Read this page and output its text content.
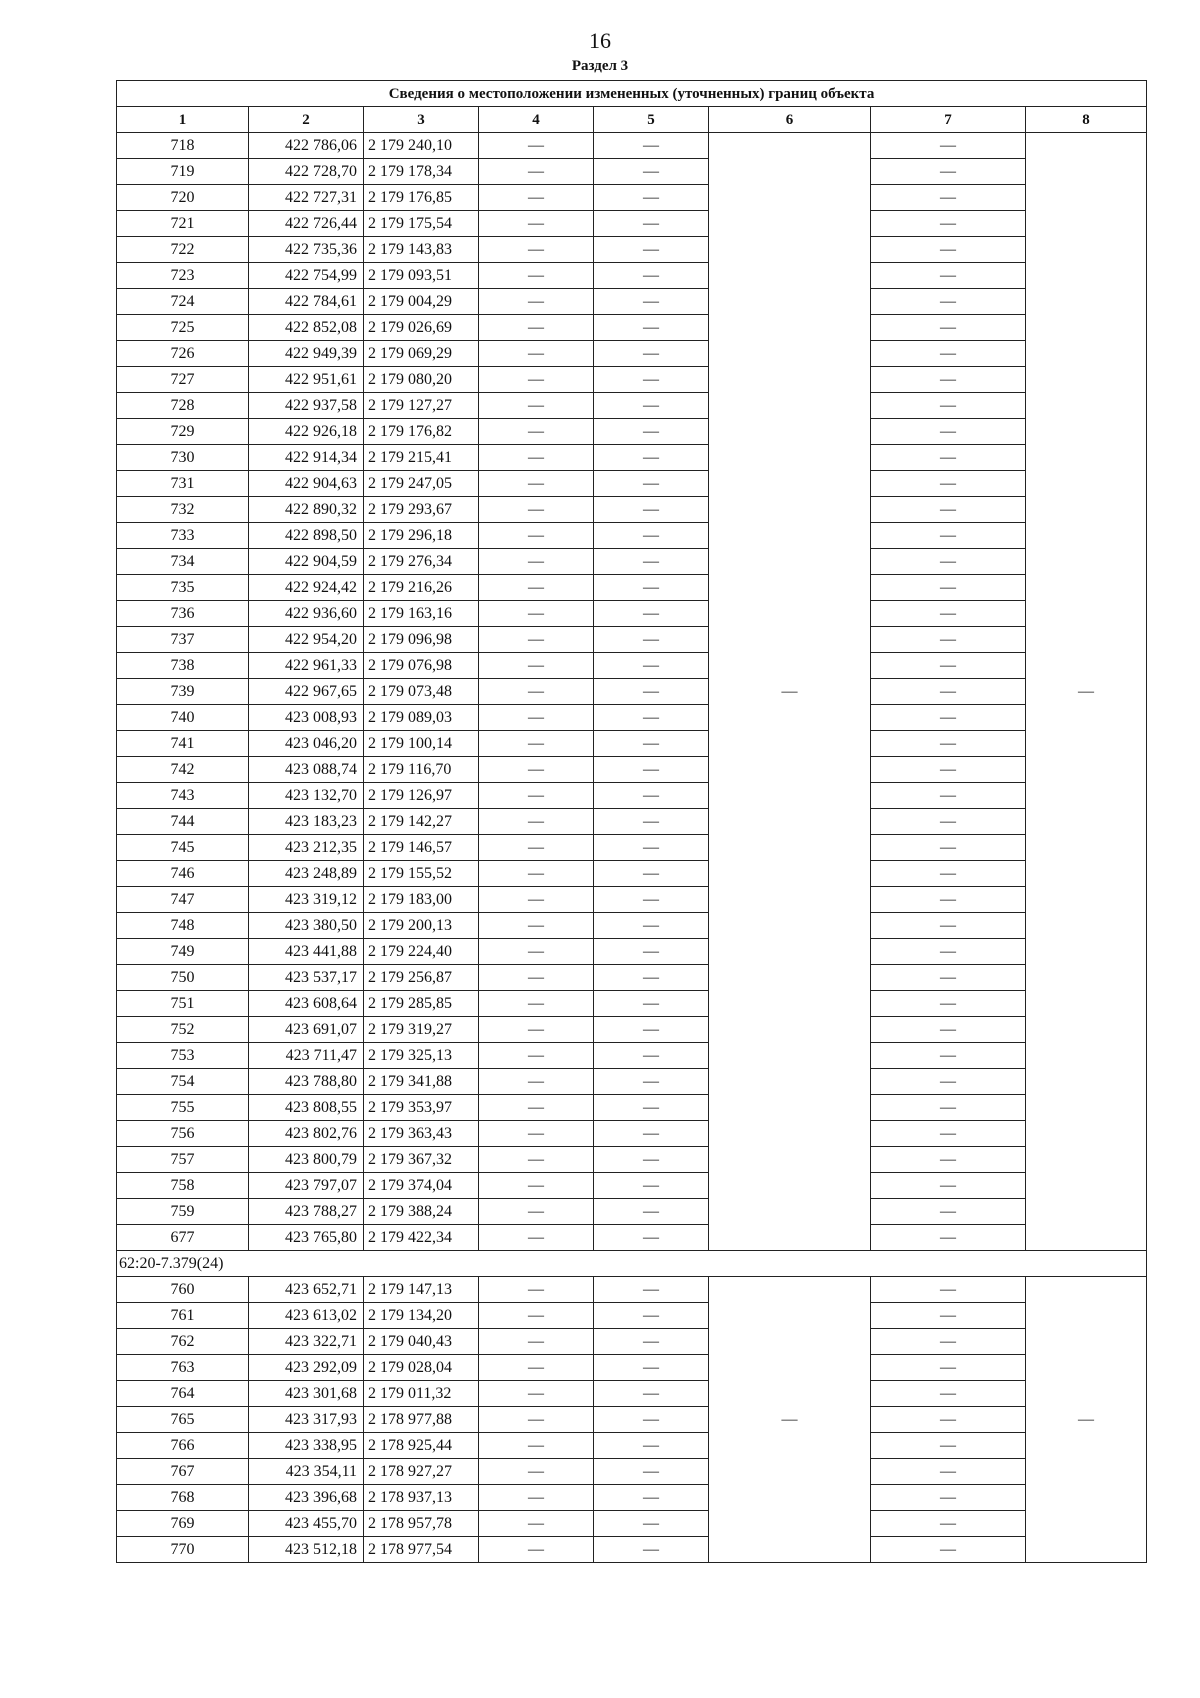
16
Раздел 3
Сведения о местоположении измененных (уточненных) границ объекта							
1	2	3	4	5	6	7	8
718	422 786,06	2 179 240,10	—	—	—	—	—
719	422 728,70	2 179 178,34	—	—		—	
720	422 727,31	2 179 176,85	—	—		—	
721	422 726,44	2 179 175,54	—	—		—	
722	422 735,36	2 179 143,83	—	—		—	
723	422 754,99	2 179 093,51	—	—		—	
724	422 784,61	2 179 004,29	—	—		—	
725	422 852,08	2 179 026,69	—	—		—	
726	422 949,39	2 179 069,29	—	—		—	
727	422 951,61	2 179 080,20	—	—		—	
728	422 937,58	2 179 127,27	—	—		—	
729	422 926,18	2 179 176,82	—	—		—	
730	422 914,34	2 179 215,41	—	—		—	
731	422 904,63	2 179 247,05	—	—		—	
732	422 890,32	2 179 293,67	—	—		—	
733	422 898,50	2 179 296,18	—	—		—	
734	422 904,59	2 179 276,34	—	—		—	
735	422 924,42	2 179 216,26	—	—		—	
736	422 936,60	2 179 163,16	—	—		—	
737	422 954,20	2 179 096,98	—	—		—	
738	422 961,33	2 179 076,98	—	—		—	
739	422 967,65	2 179 073,48	—	—		—	
740	423 008,93	2 179 089,03	—	—		—	
741	423 046,20	2 179 100,14	—	—		—	
742	423 088,74	2 179 116,70	—	—		—	
743	423 132,70	2 179 126,97	—	—		—	
744	423 183,23	2 179 142,27	—	—		—	
745	423 212,35	2 179 146,57	—	—		—	
746	423 248,89	2 179 155,52	—	—		—	
747	423 319,12	2 179 183,00	—	—		—	
748	423 380,50	2 179 200,13	—	—		—	
749	423 441,88	2 179 224,40	—	—		—	
750	423 537,17	2 179 256,87	—	—		—	
751	423 608,64	2 179 285,85	—	—		—	
752	423 691,07	2 179 319,27	—	—		—	
753	423 711,47	2 179 325,13	—	—		—	
754	423 788,80	2 179 341,88	—	—		—	
755	423 808,55	2 179 353,97	—	—		—	
756	423 802,76	2 179 363,43	—	—		—	
757	423 800,79	2 179 367,32	—	—		—	
758	423 797,07	2 179 374,04	—	—		—	
759	423 788,27	2 179 388,24	—	—		—	
677	423 765,80	2 179 422,34	—	—		—	
62:20-7.379(24)							
760	423 652,71	2 179 147,13	—	—	—	—	—
761	423 613,02	2 179 134,20	—	—		—	
762	423 322,71	2 179 040,43	—	—		—	
763	423 292,09	2 179 028,04	—	—		—	
764	423 301,68	2 179 011,32	—	—		—	
765	423 317,93	2 178 977,88	—	—		—	
766	423 338,95	2 178 925,44	—	—		—	
767	423 354,11	2 178 927,27	—	—		—	
768	423 396,68	2 178 937,13	—	—		—	
769	423 455,70	2 178 957,78	—	—		—	
770	423 512,18	2 178 977,54	—	—		—	
